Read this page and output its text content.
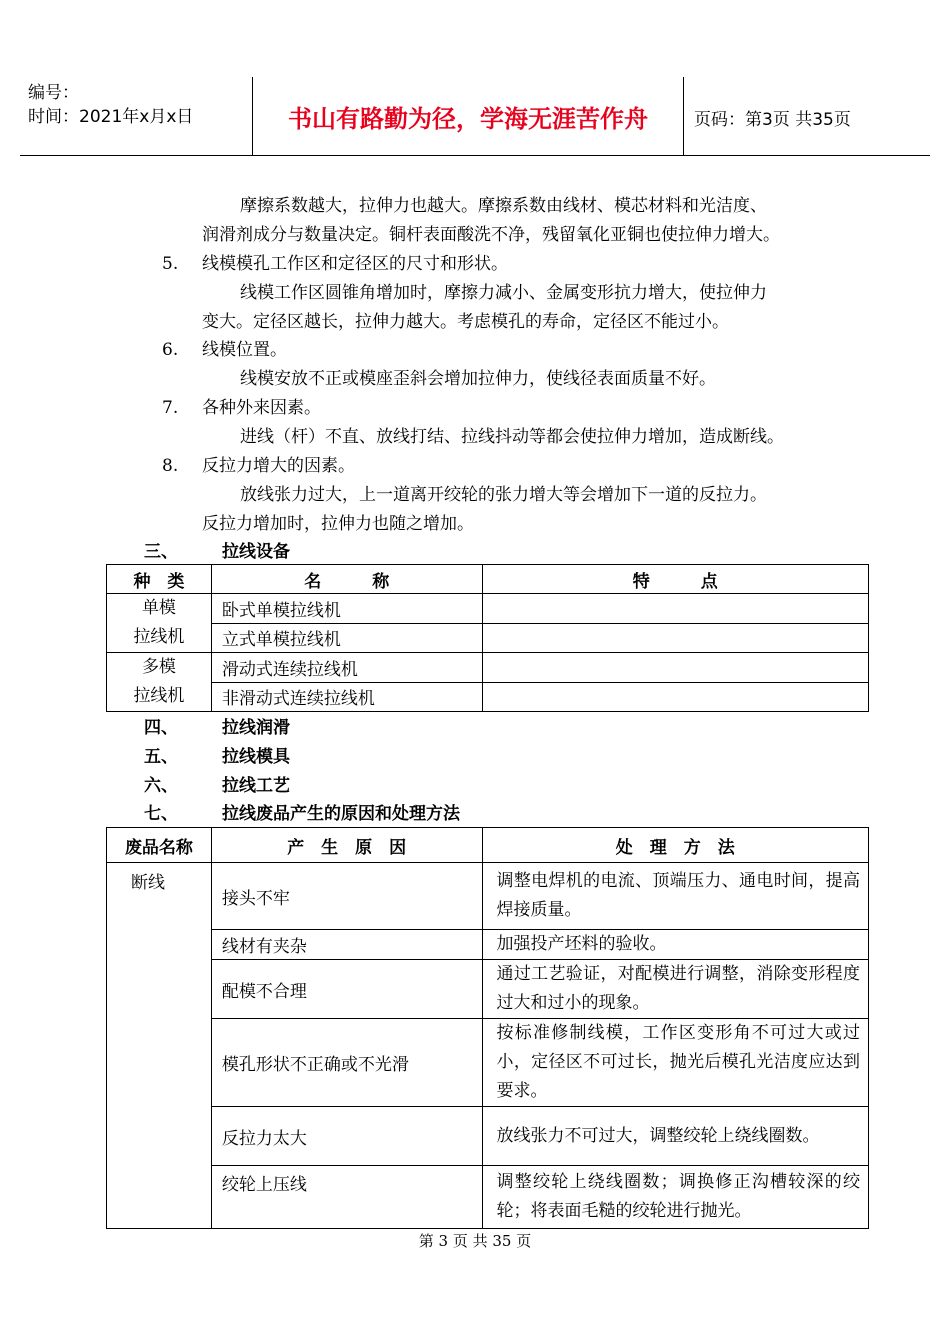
编号：
时间：2021年x月x日	书山有路勤为径，学海无涯苦作舟	页码：第3页 共35页
摩擦系数越大，拉伸力也越大。摩擦系数由线材、模芯材料和光洁度、
润滑剂成分与数量决定。铜杆表面酸洗不净，残留氧化亚铜也使拉伸力增大。
5. 线模模孔工作区和定径区的尺寸和形状。
线模工作区圆锥角增加时，摩擦力减小、金属变形抗力增大，使拉伸力
变大。定径区越长，拉伸力越大。考虑模孔的寿命，定径区不能过小。
6. 线模位置。
线模安放不正或模座歪斜会增加拉伸力，使线径表面质量不好。
7. 各种外来因素。
进线（杆）不直、放线打结、拉线抖动等都会使拉伸力增加，造成断线。
8. 反拉力增大的因素。
放线张力过大，上一道离开绞轮的张力增大等会增加下一道的反拉力。
反拉力增加时，拉伸力也随之增加。
三、	拉线设备
种　类	名　　　称	特　　　点

单模
拉线机	卧式单模拉线机	
	立式单模拉线机	

多模
拉线机	滑动式连续拉线机	
	非滑动式连续拉线机	
四、	拉线润滑
五、	拉线模具
六、	拉线工艺
七、	拉线废品产生的原因和处理方法
废品名称	产　生　原　因	处　理　方　法
断线	接头不牢	调整电焊机的电流、顶端压力、通电时间，提高焊接质量。
	线材有夹杂	加强投产坯料的验收。
	配模不合理	通过工艺验证，对配模进行调整，消除变形程度过大和过小的现象。
	模孔形状不正确或不光滑	按标准修制线模，工作区变形角不可过大或过小，定径区不可过长，抛光后模孔光洁度应达到要求。
	反拉力太大	放线张力不可过大，调整绞轮上绕线圈数。
	绞轮上压线	调整绞轮上绕线圈数；调换修正沟槽较深的绞轮；将表面毛糙的绞轮进行抛光。
第 3 页 共 35 页
